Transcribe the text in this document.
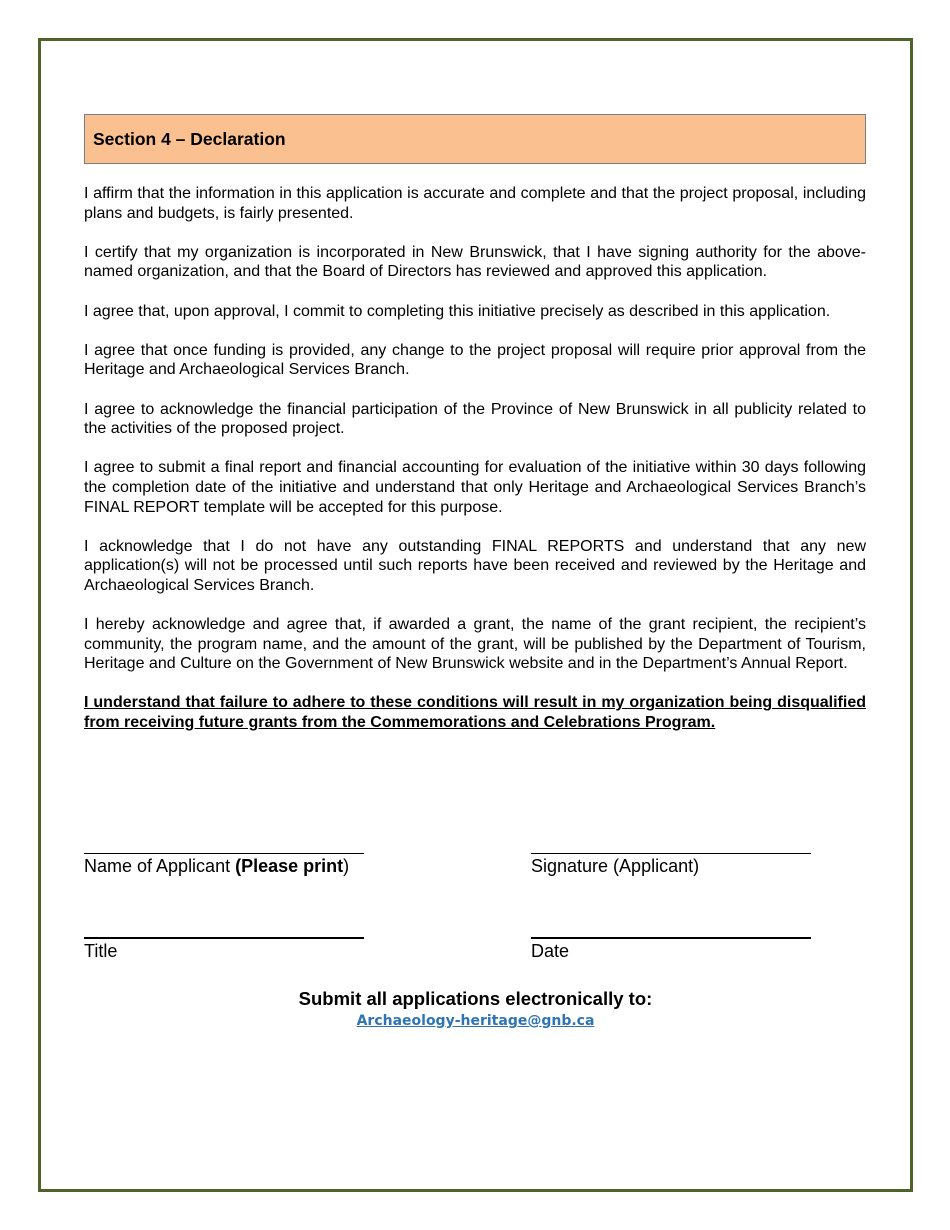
Section 4 – Declaration

I affirm that the information in this application is accurate and complete and that the project proposal, including plans and budgets, is fairly presented.

I certify that my organization is incorporated in New Brunswick, that I have signing authority for the above-named organization, and that the Board of Directors has reviewed and approved this application.

I agree that, upon approval, I commit to completing this initiative precisely as described in this application.

I agree that once funding is provided, any change to the project proposal will require prior approval from the Heritage and Archaeological Services Branch.

I agree to acknowledge the financial participation of the Province of New Brunswick in all publicity related to the activities of the proposed project.

I agree to submit a final report and financial accounting for evaluation of the initiative within 30 days following the completion date of the initiative and understand that only Heritage and Archaeological Services Branch’s FINAL REPORT template will be accepted for this purpose.

I acknowledge that I do not have any outstanding FINAL REPORTS and understand that any new application(s) will not be processed until such reports have been received and reviewed by the Heritage and Archaeological Services Branch.

I hereby acknowledge and agree that, if awarded a grant, the name of the grant recipient, the recipient’s community, the program name, and the amount of the grant, will be published by the Department of Tourism, Heritage and Culture on the Government of New Brunswick website and in the Department’s Annual Report.

I understand that failure to adhere to these conditions will result in my organization being disqualified from receiving future grants from the Commemorations and Celebrations Program.

Name of Applicant (Please print)	Signature (Applicant)
Title	Date
Submit all applications electronically to:
Archaeology-heritage@gnb.ca
